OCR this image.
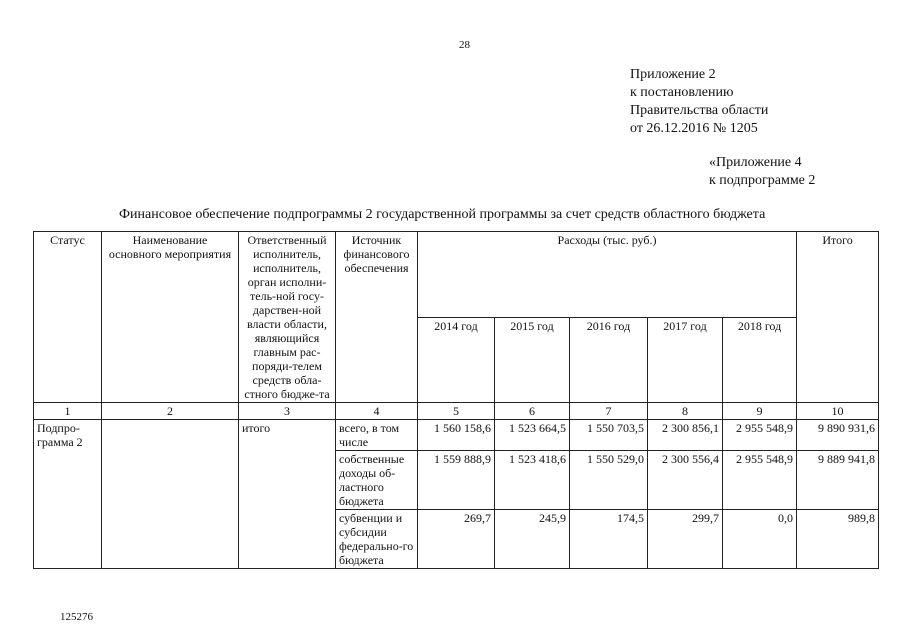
28
Приложение 2
к постановлению
Правительства области
от 26.12.2016 № 1205
«Приложение 4
к подпрограмме 2
Финансовое обеспечение подпрограммы 2 государственной программы за счет средств областного бюджета
Статус	Наименование основного мероприятия	Ответственный исполнитель, исполнитель, орган исполни-тель-ной госу-дарствен-ной власти области, являющийся главным рас-поряди-телем средств обла-стного бюдже-та	Источник финансового обеспечения	Расходы (тыс. руб.)					Итого
				2014 год	2015 год	2016 год	2017 год	2018 год	
1	2	3	4	5	6	7	8	9	10
Подпро-грамма 2		итого	всего, в том числе	1 560 158,6	1 523 664,5	1 550 703,5	2 300 856,1	2 955 548,9	9 890 931,6
			собственные доходы об-ластного бюджета	1 559 888,9	1 523 418,6	1 550 529,0	2 300 556,4	2 955 548,9	9 889 941,8
			субвенции и субсидии федерально-го бюджета	269,7	245,9	174,5	299,7	0,0	989,8
125276
